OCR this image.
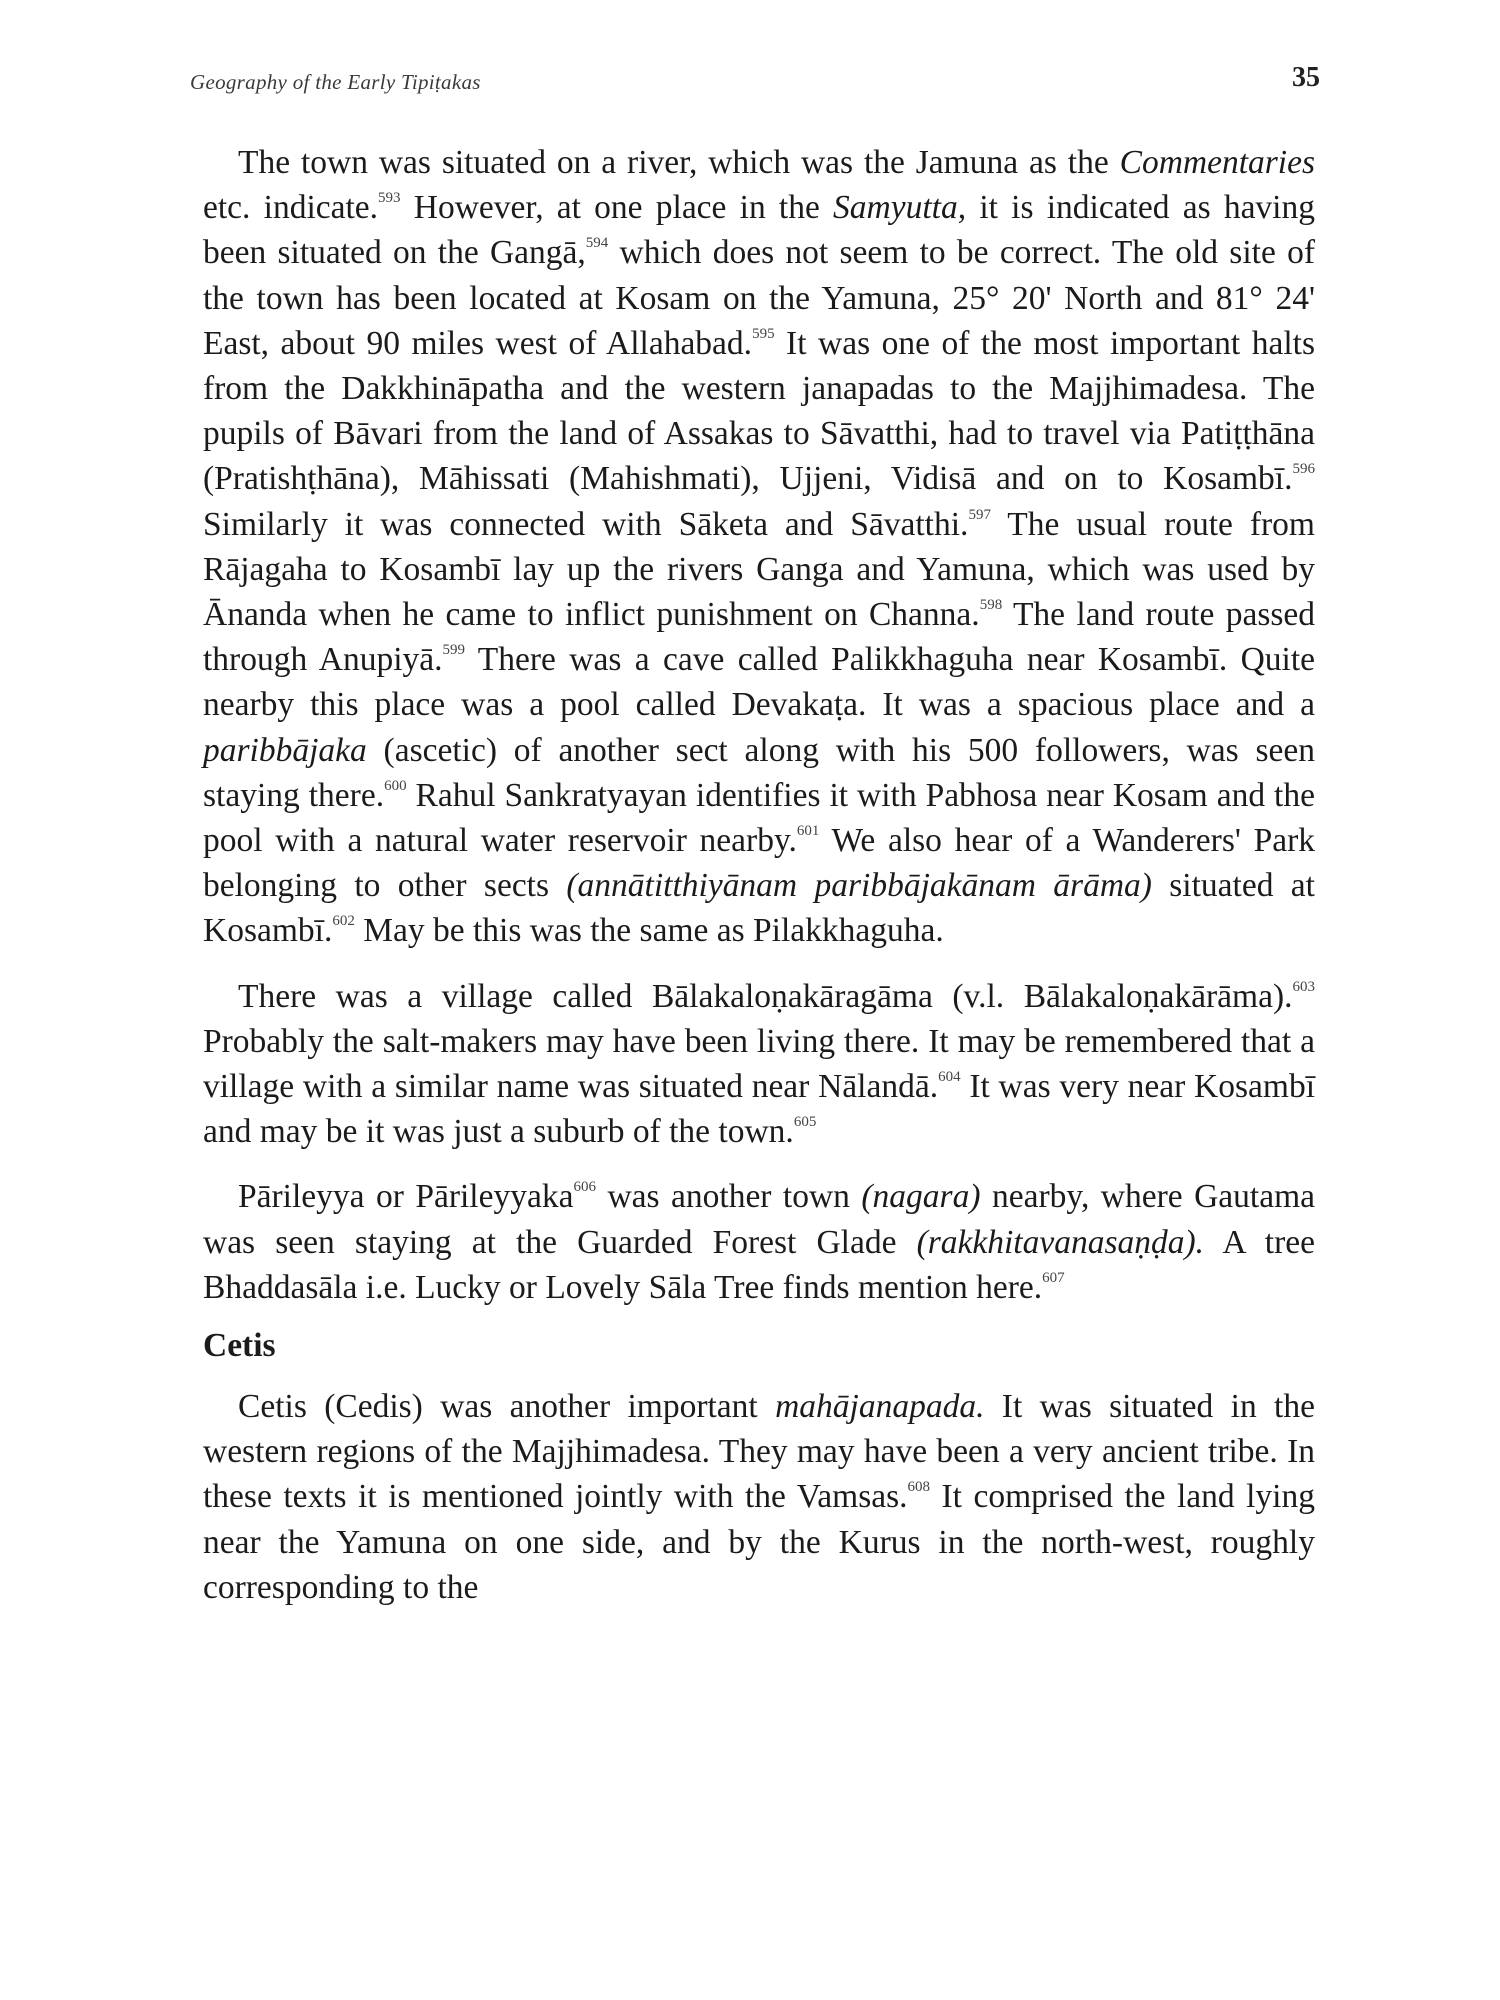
Geography of the Early Tipiṭakas	35

The town was situated on a river, which was the Jamuna as the Commentaries etc. indicate.$^{593}$ However, at one place in the Samyutta, it is indicated as having been situated on the Gangā,$^{594}$ which does not seem to be correct. The old site of the town has been located at Kosam on the Yamuna, 25° 20' North and 81° 24' East, about 90 miles west of Allahabad.$^{595}$ It was one of the most important halts from the Dakkhināpatha and the western janapadas to the Majjhimadesa. The pupils of Bāvari from the land of Assakas to Sāvatthi, had to travel via Patiṭṭhāna (Pratishṭhāna), Māhissati (Mahishmati), Ujjeni, Vidisā and on to Kosambī.$^{596}$ Similarly it was connected with Sāketa and Sāvatthi.$^{597}$ The usual route from Rājagaha to Kosambī lay up the rivers Ganga and Yamuna, which was used by Ānanda when he came to inflict punishment on Channa.$^{598}$ The land route passed through Anupiyā.$^{599}$ There was a cave called Palikkhaguha near Kosambī. Quite nearby this place was a pool called Devakaṭa. It was a spacious place and a paribbājaka (ascetic) of another sect along with his 500 followers, was seen staying there.$^{600}$ Rahul Sankratyayan identifies it with Pabhosa near Kosam and the pool with a natural water reservoir nearby.$^{601}$ We also hear of a Wanderers' Park belonging to other sects (annātitthiyānam paribbājakānam ārāma) situated at Kosambī.$^{602}$ May be this was the same as Pilakkhaguha.

There was a village called Bālakaloṇakāragāma (v.l. Bālakaloṇakārāma).$^{603}$ Probably the salt-makers may have been living there. It may be remembered that a village with a similar name was situated near Nālandā.$^{604}$ It was very near Kosambī and may be it was just a suburb of the town.$^{605}$

Pārileyya or Pārileyyaka$^{606}$ was another town (nagara) nearby, where Gautama was seen staying at the Guarded Forest Glade (rakkhitavanasaṇḍa). A tree Bhaddasāla i.e. Lucky or Lovely Sāla Tree finds mention here.$^{607}$

Cetis

Cetis (Cedis) was another important mahājanapada. It was situated in the western regions of the Majjhimadesa. They may have been a very ancient tribe. In these texts it is mentioned jointly with the Vamsas.$^{608}$ It comprised the land lying near the Yamuna on one side, and by the Kurus in the north-west, roughly corresponding to the
